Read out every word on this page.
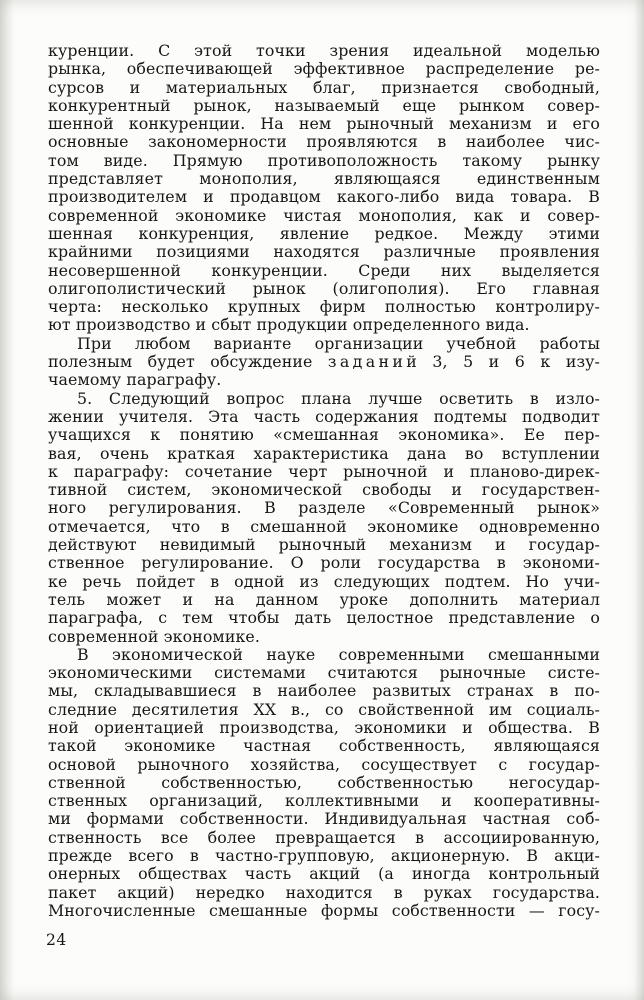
куренции. С этой точки зрения идеальной моделью
рынка, обеспечивающей эффективное распределение ре-
сурсов и материальных благ, признается свободный,
конкурентный рынок, называемый еще рынком совер-
шенной конкуренции. На нем рыночный механизм и его
основные закономерности проявляются в наиболее чис-
том виде. Прямую противоположность такому рынку
представляет монополия, являющаяся единственным
производителем и продавцом какого-либо вида товара. В
современной экономике чистая монополия, как и совер-
шенная конкуренция, явление редкое. Между этими
крайними позициями находятся различные проявления
несовершенной конкуренции. Среди них выделяется
олигополистический рынок (олигополия). Его главная
черта: несколько крупных фирм полностью контролиру-
ют производство и сбыт продукции определенного вида.
При любом варианте организации учебной работы
полезным будет обсуждение з а д а н и й 3, 5 и 6 к изу-
чаемому параграфу.
5. Следующий вопрос плана лучше осветить в изло-
жении учителя. Эта часть содержания подтемы подводит
учащихся к понятию «смешанная экономика». Ее пер-
вая, очень краткая характеристика дана во вступлении
к параграфу: сочетание черт рыночной и планово-дирек-
тивной систем, экономической свободы и государствен-
ного регулирования. В разделе «Современный рынок»
отмечается, что в смешанной экономике одновременно
действуют невидимый рыночный механизм и государ-
ственное регулирование. О роли государства в экономи-
ке речь пойдет в одной из следующих подтем. Но учи-
тель может и на данном уроке дополнить материал
параграфа, с тем чтобы дать целостное представление о
современной экономике.
В экономической науке современными смешанными
экономическими системами считаются рыночные систе-
мы, складывавшиеся в наиболее развитых странах в по-
следние десятилетия XX в., со свойственной им социаль-
ной ориентацией производства, экономики и общества. В
такой экономике частная собственность, являющаяся
основой рыночного хозяйства, сосуществует с государ-
ственной собственностью, собственностью негосудар-
ственных организаций, коллективными и кооперативны-
ми формами собственности. Индивидуальная частная соб-
ственность все более превращается в ассоциированную,
прежде всего в частно-групповую, акционерную. В акци-
онерных обществах часть акций (а иногда контрольный
пакет акций) нередко находится в руках государства.
Многочисленные смешанные формы собственности — госу-
24
